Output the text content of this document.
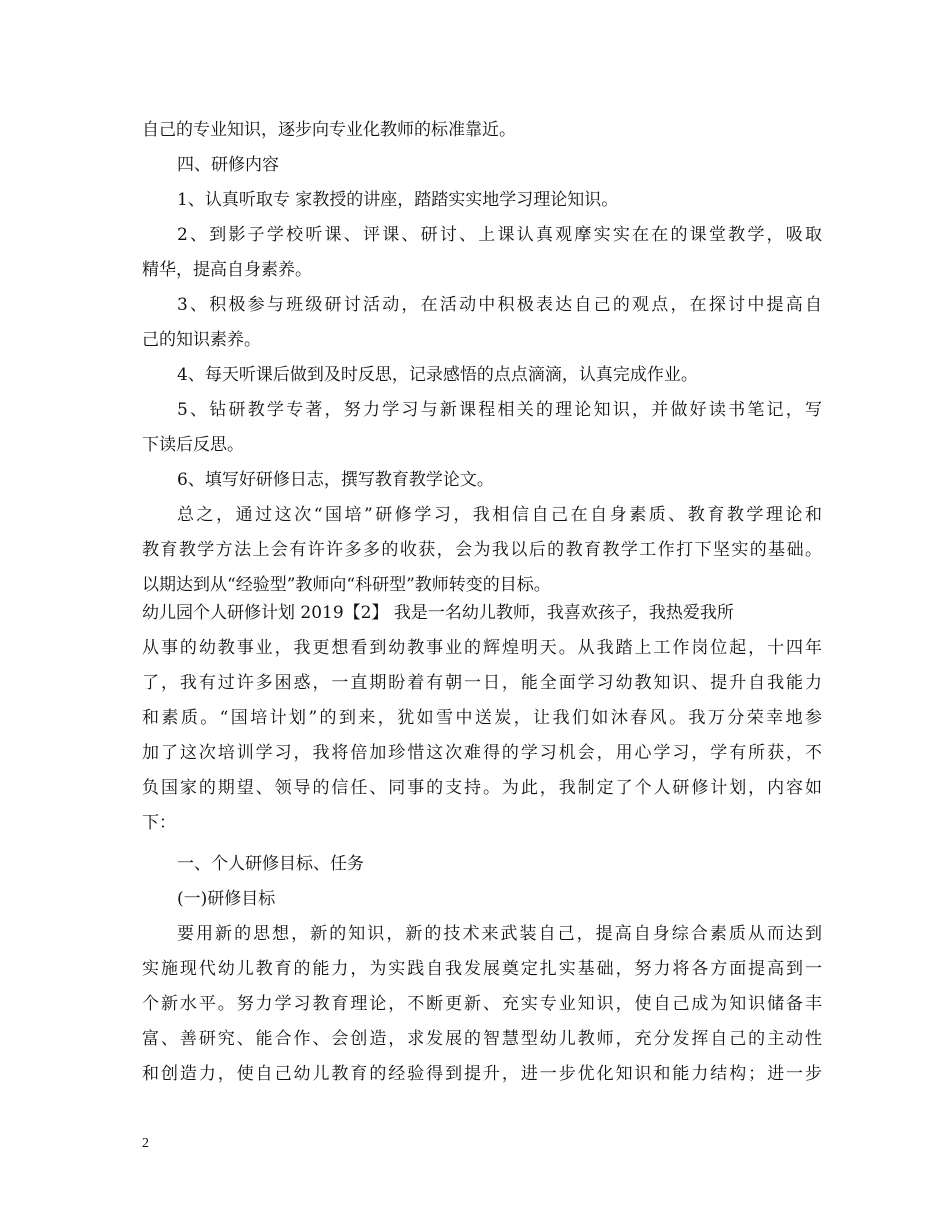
自己的专业知识，逐步向专业化教师的标准靠近。
四、研修内容
1、认真听取专 家教授的讲座，踏踏实实地学习理论知识。
2、到影子学校听课、评课、研讨、上课认真观摩实实在在的课堂教学，吸取
精华，提高自身素养。
3、积极参与班级研讨活动，在活动中积极表达自己的观点，在探讨中提高自
己的知识素养。
4、每天听课后做到及时反思，记录感悟的点点滴滴，认真完成作业。
5、钻研教学专著，努力学习与新课程相关的理论知识，并做好读书笔记，写
下读后反思。
6、填写好研修日志，撰写教育教学论文。
总之，通过这次“国培”研修学习，我相信自己在自身素质、教育教学理论和
教育教学方法上会有许许多多的收获，会为我以后的教育教学工作打下坚实的基础。
以期达到从“经验型”教师向“科研型”教师转变的目标。
幼儿园个人研修计划 2019【2】 我是一名幼儿教师，我喜欢孩子，我热爱我所
从事的幼教事业，我更想看到幼教事业的辉煌明天。从我踏上工作岗位起，十四年
了，我有过许多困惑，一直期盼着有朝一日，能全面学习幼教知识、提升自我能力
和素质。“国培计划”的到来，犹如雪中送炭，让我们如沐春风。我万分荣幸地参
加了这次培训学习，我将倍加珍惜这次难得的学习机会，用心学习，学有所获，不
负国家的期望、领导的信任、同事的支持。为此，我制定了个人研修计划，内容如
下：
一、个人研修目标、任务
(一)研修目标
要用新的思想，新的知识，新的技术来武装自己，提高自身综合素质从而达到
实施现代幼儿教育的能力，为实践自我发展奠定扎实基础，努力将各方面提高到一
个新水平。努力学习教育理论，不断更新、充实专业知识，使自己成为知识储备丰
富、善研究、能合作、会创造，求发展的智慧型幼儿教师，充分发挥自己的主动性
和创造力，使自己幼儿教育的经验得到提升，进一步优化知识和能力结构；进一步
2
